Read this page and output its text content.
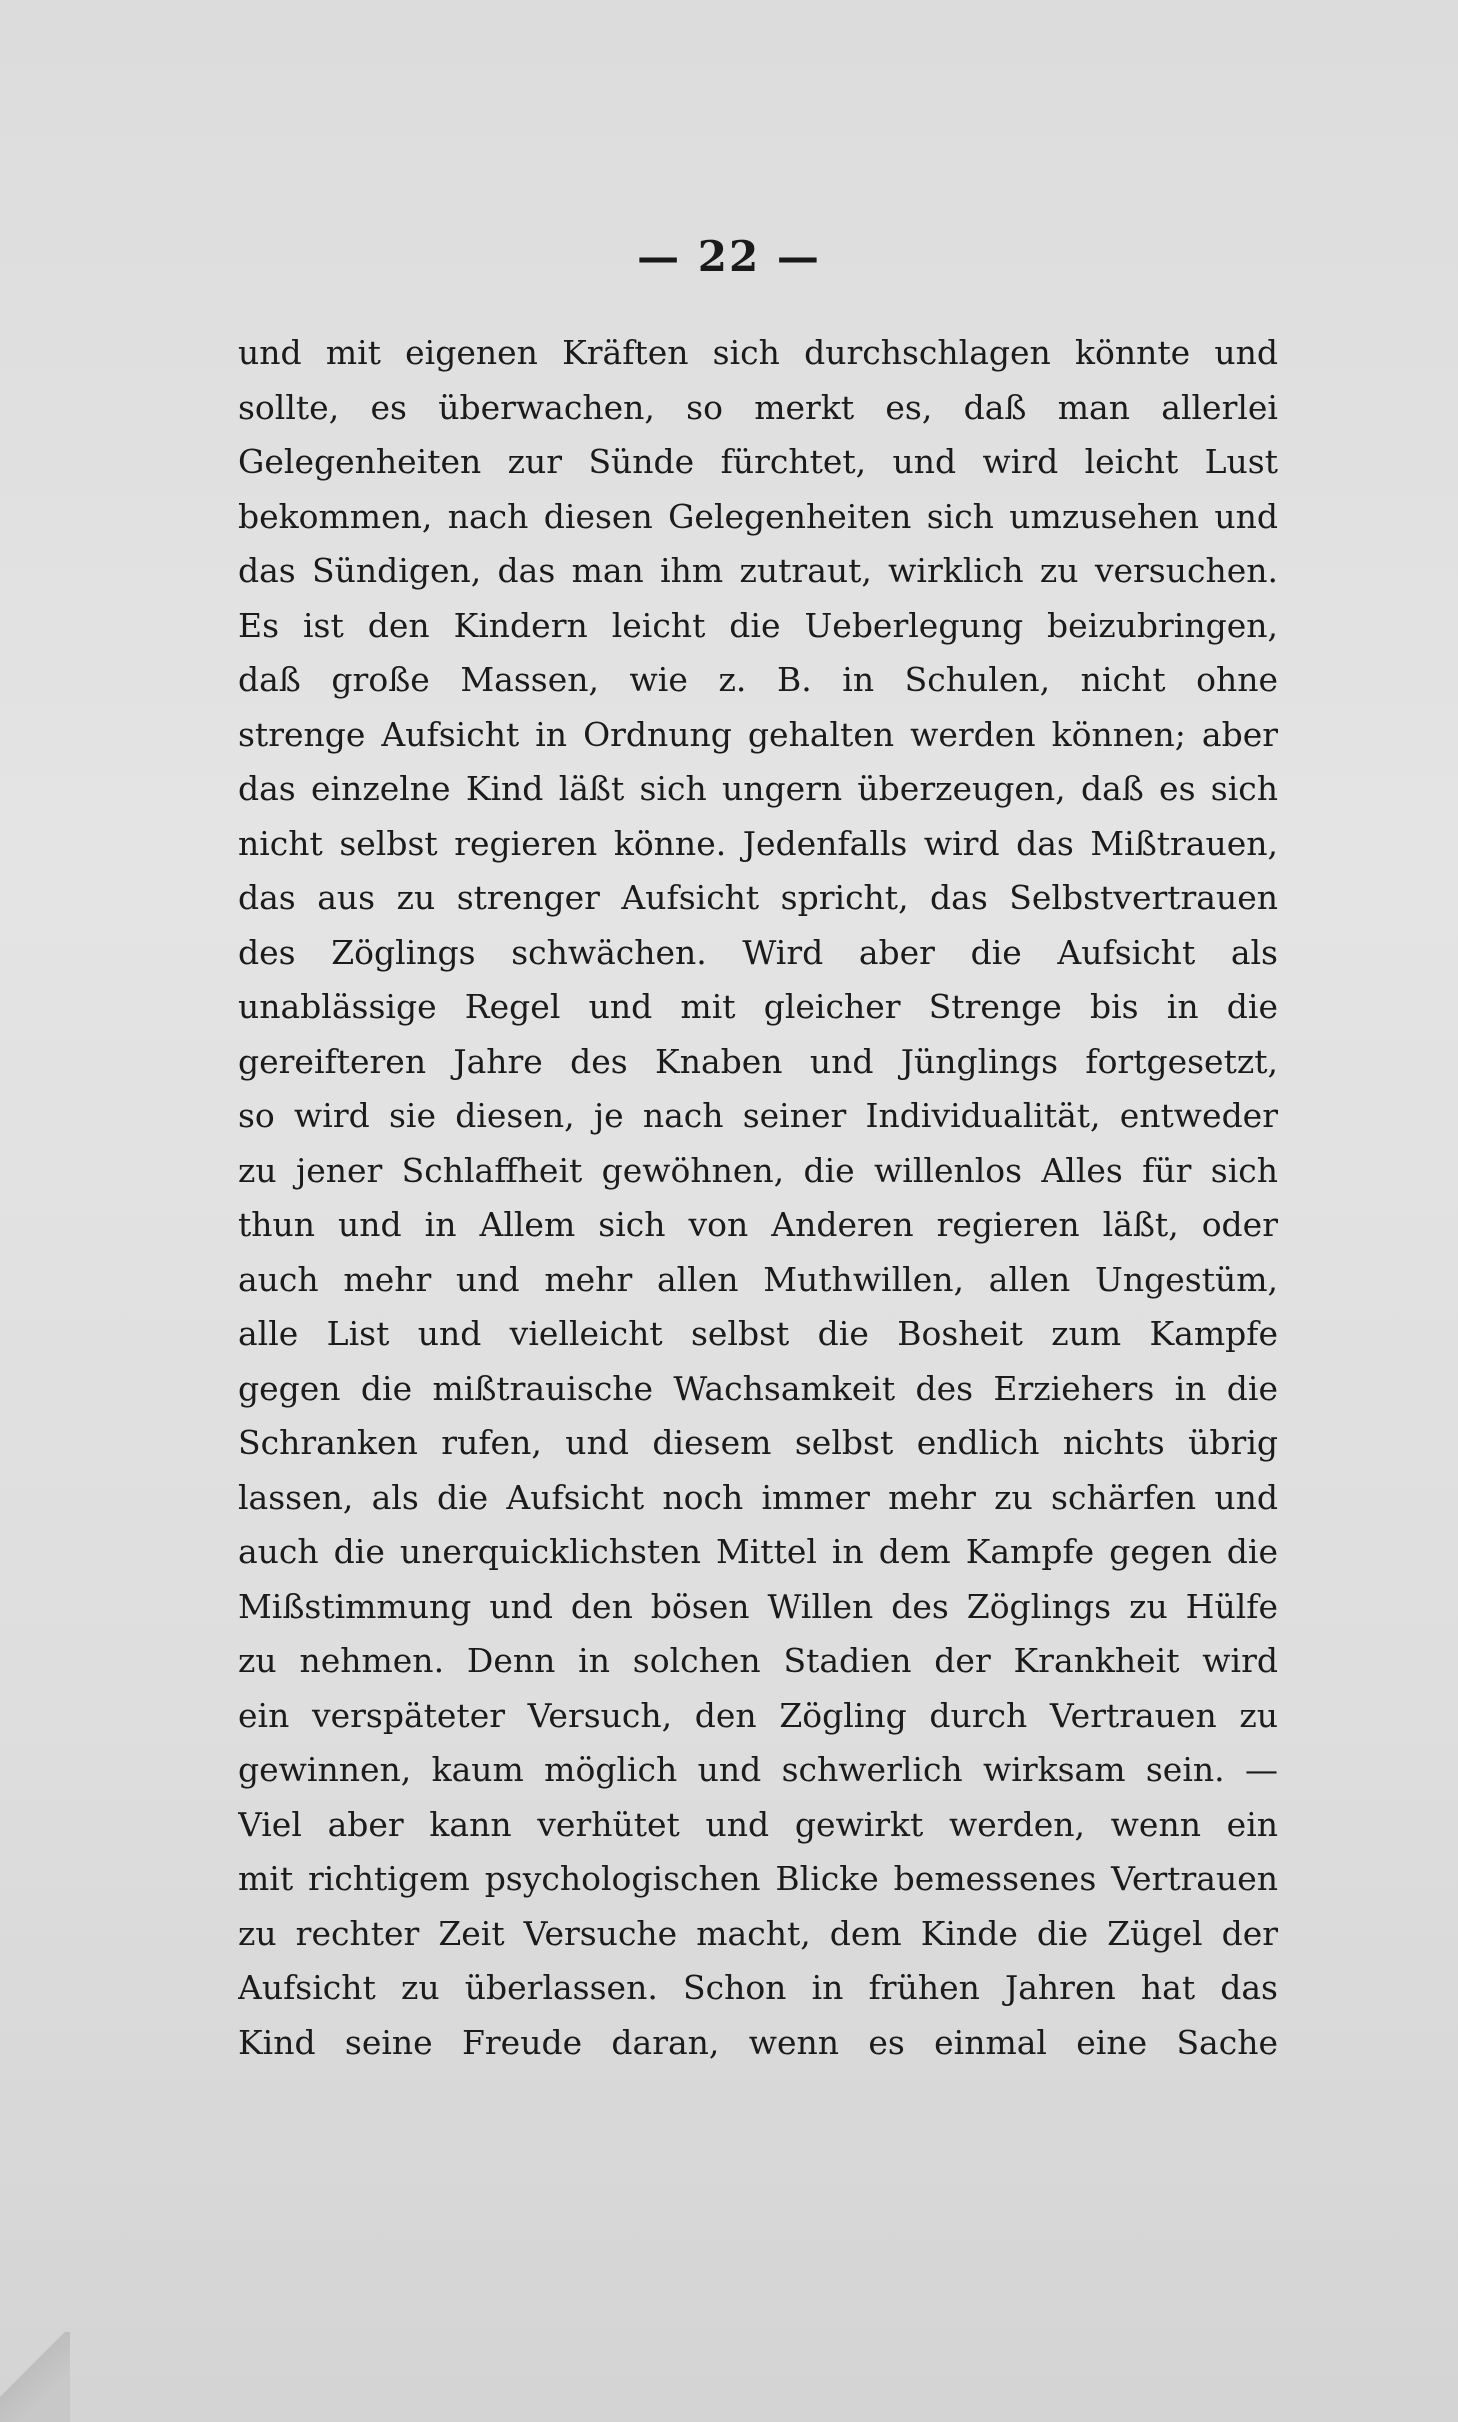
— 22 —
und mit eigenen Kräften sich durchschlagen könnte und
sollte, es überwachen, so merkt es, daß man allerlei
Gelegenheiten zur Sünde fürchtet, und wird leicht Lust
bekommen, nach diesen Gelegenheiten sich umzusehen und
das Sündigen, das man ihm zutraut, wirklich zu versuchen.
Es ist den Kindern leicht die Ueberlegung beizubringen,
daß große Massen, wie z. B. in Schulen, nicht ohne
strenge Aufsicht in Ordnung gehalten werden können; aber
das einzelne Kind läßt sich ungern überzeugen, daß es sich
nicht selbst regieren könne. Jedenfalls wird das Mißtrauen,
das aus zu strenger Aufsicht spricht, das Selbstvertrauen
des Zöglings schwächen. Wird aber die Aufsicht als
unablässige Regel und mit gleicher Strenge bis in die
gereifteren Jahre des Knaben und Jünglings fortgesetzt,
so wird sie diesen, je nach seiner Individualität, entweder
zu jener Schlaffheit gewöhnen, die willenlos Alles für sich
thun und in Allem sich von Anderen regieren läßt, oder
auch mehr und mehr allen Muthwillen, allen Ungestüm,
alle List und vielleicht selbst die Bosheit zum Kampfe
gegen die mißtrauische Wachsamkeit des Erziehers in die
Schranken rufen, und diesem selbst endlich nichts übrig
lassen, als die Aufsicht noch immer mehr zu schärfen und
auch die unerquicklichsten Mittel in dem Kampfe gegen die
Mißstimmung und den bösen Willen des Zöglings zu Hülfe
zu nehmen. Denn in solchen Stadien der Krankheit wird
ein verspäteter Versuch, den Zögling durch Vertrauen zu
gewinnen, kaum möglich und schwerlich wirksam sein. —
Viel aber kann verhütet und gewirkt werden, wenn ein
mit richtigem psychologischen Blicke bemessenes Vertrauen
zu rechter Zeit Versuche macht, dem Kinde die Zügel der
Aufsicht zu überlassen. Schon in frühen Jahren hat das
Kind seine Freude daran, wenn es einmal eine Sache
